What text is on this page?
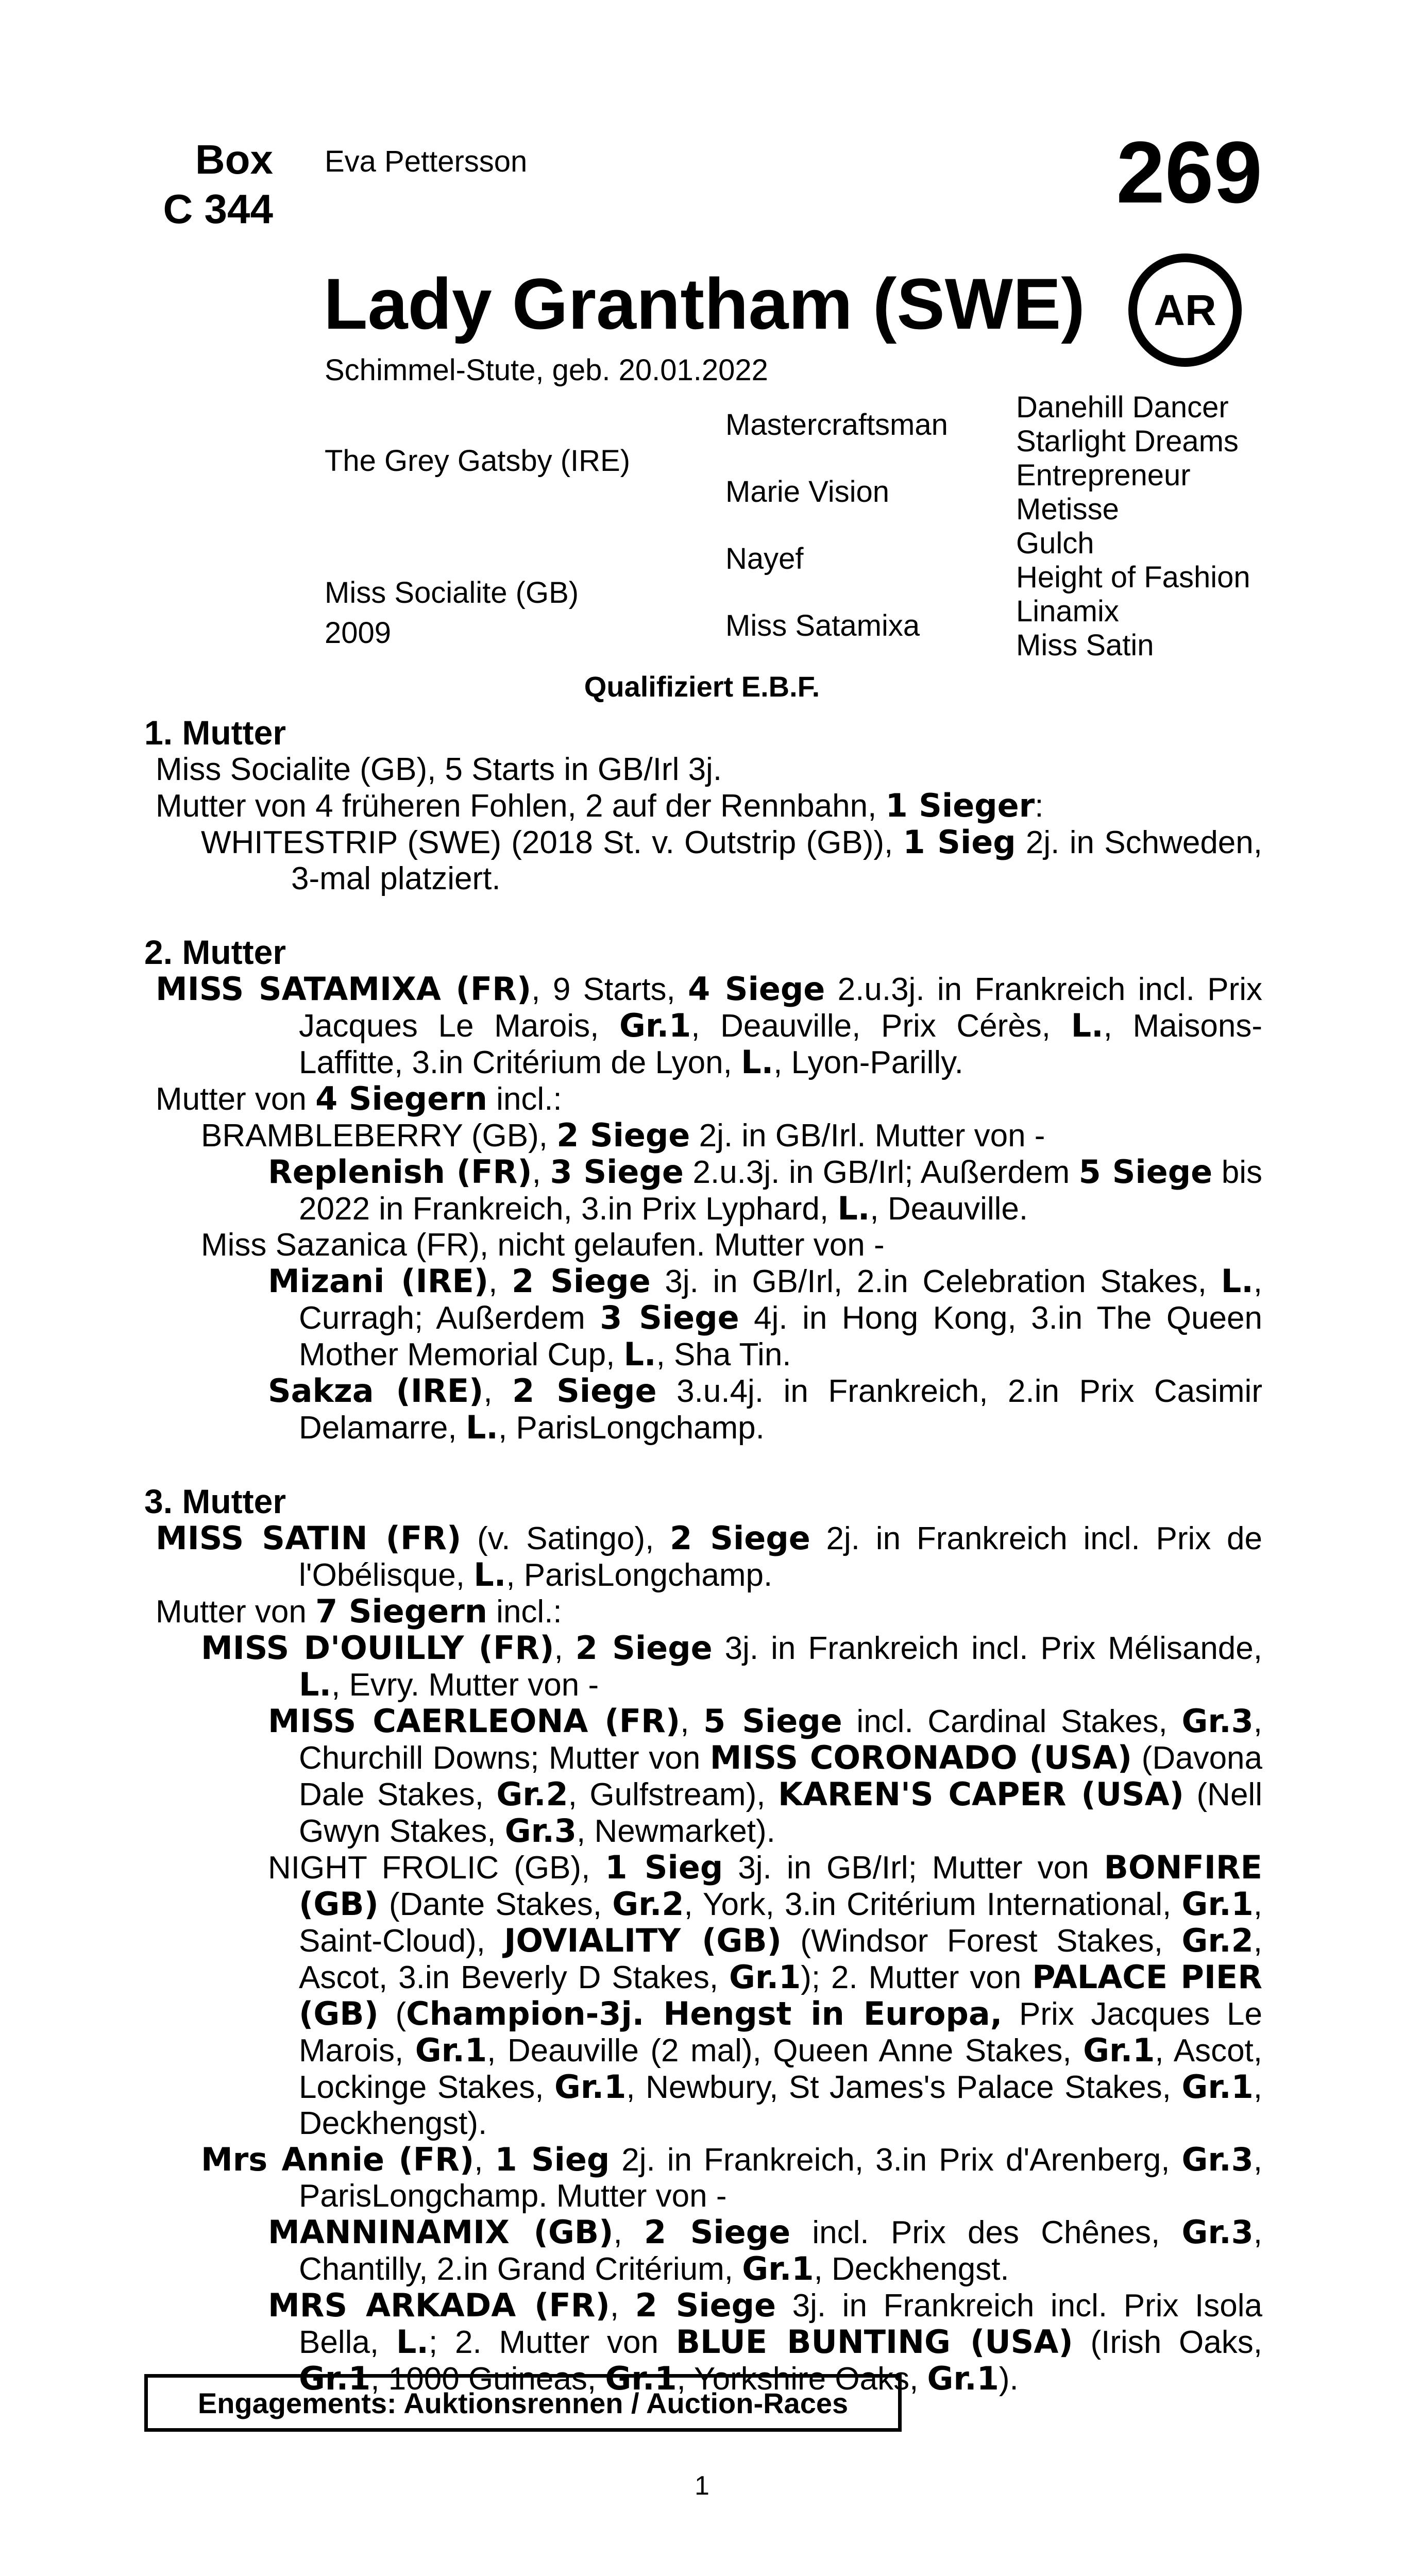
Box
C 344
Eva Pettersson	269
Lady Grantham (SWE) AR
Schimmel-Stute, geb. 20.01.2022
The Grey Gatsby (IRE)
Miss Socialite (GB)
2009
Mastercraftsman
Marie Vision
Nayef
Miss Satamixa
Danehill Dancer
Starlight Dreams
Entrepreneur
Metisse
Gulch
Height of Fashion
Linamix
Miss Satin
Qualifiziert E.B.F.

1. Mutter

Miss Socialite (GB), 5 Starts in GB/Irl 3j.

Mutter von 4 früheren Fohlen, 2 auf der Rennbahn, 1 Sieger:

WHITESTRIP (SWE) (2018 St. v. Outstrip (GB)), 1 Sieg 2j. in Schweden, 3-mal platziert.

2. Mutter

MISS SATAMIXA (FR), 9 Starts, 4 Siege 2.u.3j. in Frankreich incl. Prix Jacques Le Marois, Gr.1, Deauville, Prix Cérès, L., Maisons-Laffitte, 3.in Critérium de Lyon, L., Lyon-Parilly.

Mutter von 4 Siegern incl.:

BRAMBLEBERRY (GB), 2 Siege 2j. in GB/Irl. Mutter von -

Replenish (FR), 3 Siege 2.u.3j. in GB/Irl; Außerdem 5 Siege bis 2022 in Frankreich, 3.in Prix Lyphard, L., Deauville.

Miss Sazanica (FR), nicht gelaufen. Mutter von -

Mizani (IRE), 2 Siege 3j. in GB/Irl, 2.in Celebration Stakes, L., Curragh; Außerdem 3 Siege 4j. in Hong Kong, 3.in The Queen Mother Memorial Cup, L., Sha Tin.

Sakza (IRE), 2 Siege 3.u.4j. in Frankreich, 2.in Prix Casimir Delamarre, L., ParisLongchamp.

3. Mutter

MISS SATIN (FR) (v. Satingo), 2 Siege 2j. in Frankreich incl. Prix de l'Obélisque, L., ParisLongchamp.

Mutter von 7 Siegern incl.:

MISS D'OUILLY (FR), 2 Siege 3j. in Frankreich incl. Prix Mélisande, L., Evry. Mutter von -

MISS CAERLEONA (FR), 5 Siege incl. Cardinal Stakes, Gr.3, Churchill Downs; Mutter von MISS CORONADO (USA) (Davona Dale Stakes, Gr.2, Gulfstream), KAREN'S CAPER (USA) (Nell Gwyn Stakes, Gr.3, Newmarket).

NIGHT FROLIC (GB), 1 Sieg 3j. in GB/Irl; Mutter von BONFIRE (GB) (Dante Stakes, Gr.2, York, 3.in Critérium International, Gr.1, Saint-Cloud), JOVIALITY (GB) (Windsor Forest Stakes, Gr.2, Ascot, 3.in Beverly D Stakes, Gr.1); 2. Mutter von PALACE PIER (GB) (Champion-3j. Hengst in Europa, Prix Jacques Le Marois, Gr.1, Deauville (2 mal), Queen Anne Stakes, Gr.1, Ascot, Lockinge Stakes, Gr.1, Newbury, St James's Palace Stakes, Gr.1, Deckhengst).

Mrs Annie (FR), 1 Sieg 2j. in Frankreich, 3.in Prix d'Arenberg, Gr.3, ParisLongchamp. Mutter von -

MANNINAMIX (GB), 2 Siege incl. Prix des Chênes, Gr.3, Chantilly, 2.in Grand Critérium, Gr.1, Deckhengst.

MRS ARKADA (FR), 2 Siege 3j. in Frankreich incl. Prix Isola Bella, L.; 2. Mutter von BLUE BUNTING (USA) (Irish Oaks, Gr.1, 1000 Guineas, Gr.1, Yorkshire Oaks, Gr.1).

Engagements: Auktionsrennen / Auction-Races
1
